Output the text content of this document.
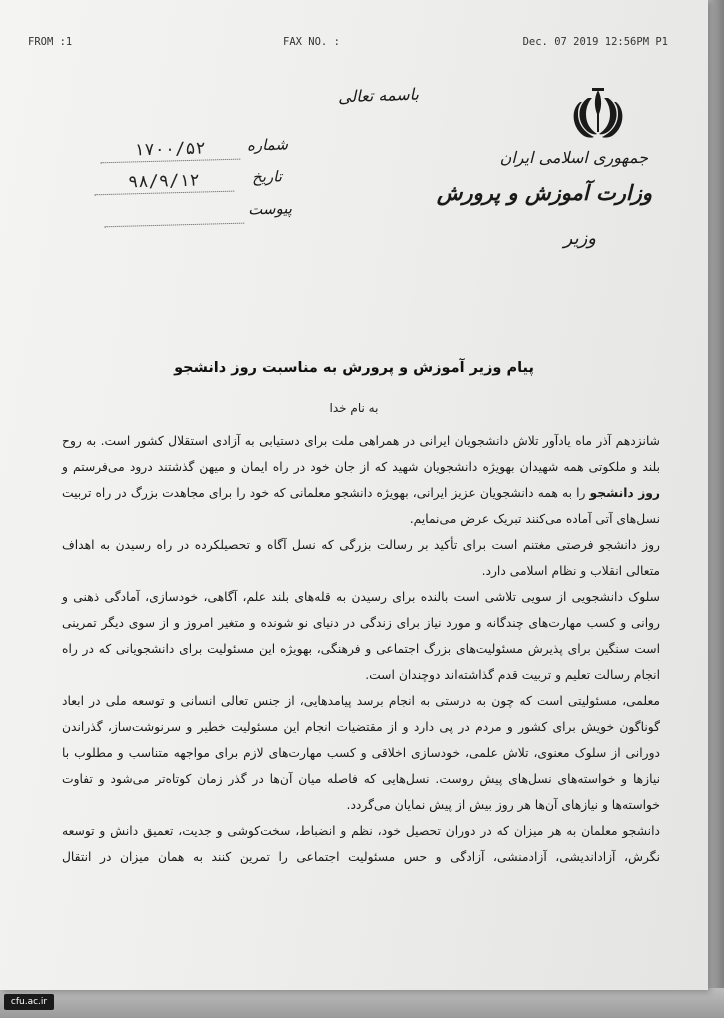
FROM :1	FAX NO. :	Dec. 07 2019 12:56PM P1
جمهوری اسلامی ایران
وزارت آموزش و پرورش
وزیر
باسمه تعالی
شماره
۱۷۰۰/۵۲
تاریخ
۹۸/۹/۱۲
پیوست
پیام وزیر آموزش و پرورش به مناسبت روز دانشجو
به نام خدا

شانزدهم آذر ماه یادآور تلاش دانشجویان ایرانی در همراهی ملت برای دستیابی به آزادی استقلال کشور است. به روح بلند و ملکوتی همه شهیدان بهویژه دانشجویان شهید که از جان خود در راه ایمان و میهن گذشتند درود می‌فرستم و روز دانشجو را به همه دانشجویان عزیز ایرانی، بهویژه دانشجو معلمانی که خود را برای مجاهدت بزرگ در راه تربیت نسل‌های آتی آماده می‌کنند تبریک عرض می‌نمایم.

روز دانشجو فرصتی مغتنم است برای تأکید بر رسالت بزرگی که نسل آگاه و تحصیلکرده در راه رسیدن به اهداف متعالی انقلاب و نظام اسلامی دارد.

سلوک دانشجویی از سویی تلاشی است بالنده برای رسیدن به قله‌های بلند علم، آگاهی، خودسازی، آمادگی ذهنی و روانی و کسب مهارت‌های چندگانه و مورد نیاز برای زندگی در دنیای نو شونده و متغیر امروز و از سوی دیگر تمرینی است سنگین برای پذیرش مسئولیت‌های بزرگ اجتماعی و فرهنگی، بهویژه این مسئولیت برای دانشجویانی که در راه انجام رسالت تعلیم و تربیت قدم گذاشته‌اند دوچندان است.

معلمی، مسئولیتی است که چون به درستی به انجام برسد پیامدهایی، از جنس تعالی انسانی و توسعه ملی در ابعاد گوناگون خویش برای کشور و مردم در پی دارد و از مقتضیات انجام این مسئولیت خطیر و سرنوشت‌ساز، گذراندن دورانی از سلوک معنوی، تلاش علمی، خودسازی اخلاقی و کسب مهارت‌های لازم برای مواجهه متناسب و مطلوب با نیازها و خواسته‌های نسل‌های پیش روست. نسل‌هایی که فاصله میان آن‌ها در گذر زمان کوتاه‌تر می‌شود و تفاوت خواسته‌ها و نیازهای آن‌ها هر روز بیش از پیش نمایان می‌گردد.

دانشجو معلمان به هر میزان که در دوران تحصیل خود، نظم و انضباط، سخت‌کوشی و جدیت، تعمیق دانش و توسعه نگرش، آزاداندیشی، آزادمنشی، آزادگی و حس مسئولیت اجتماعی را تمرین کنند به همان میزان در انتقال

cfu.ac.ir
